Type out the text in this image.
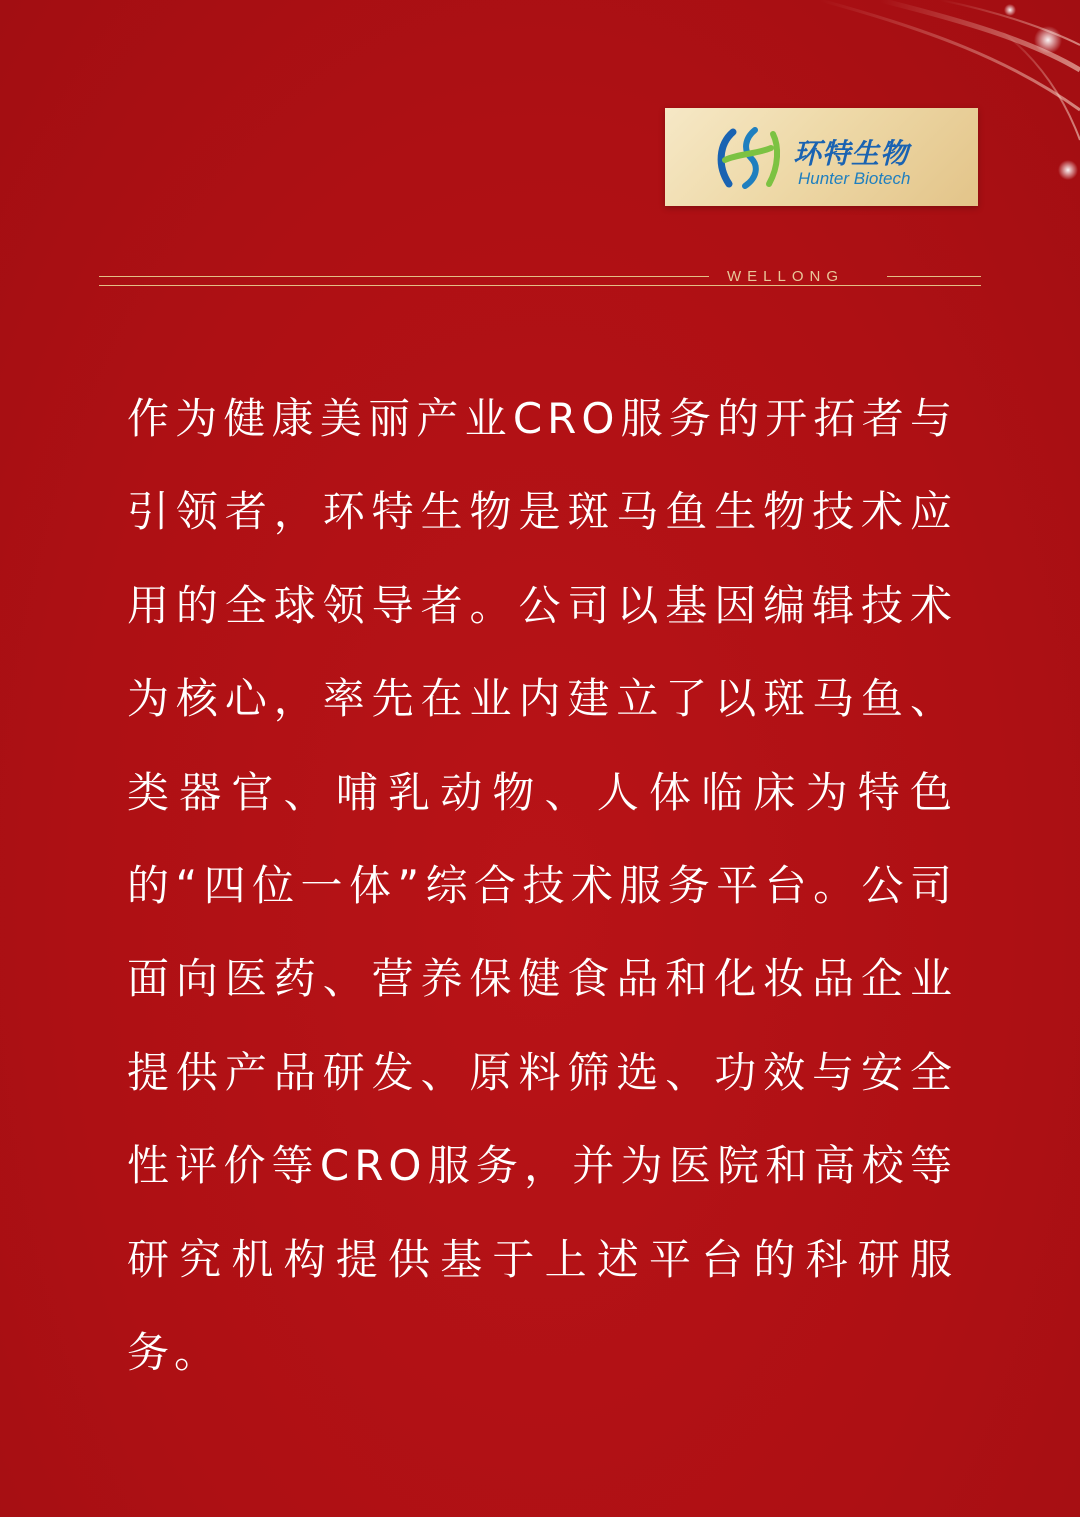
环特生物
Hunter Biotech
WELLONG

作为健康美丽产业CRO服务的开拓者与引领者，环特生物是斑马鱼生物技术应用的全球领导者。公司以基因编辑技术为核心，率先在业内建立了以斑马鱼、类器官、哺乳动物、人体临床为特色的“四位一体”综合技术服务平台。公司面向医药、营养保健食品和化妆品企业提供产品研发、原料筛选、功效与安全性评价等CRO服务，并为医院和高校等研究机构提供基于上述平台的科研服务。
